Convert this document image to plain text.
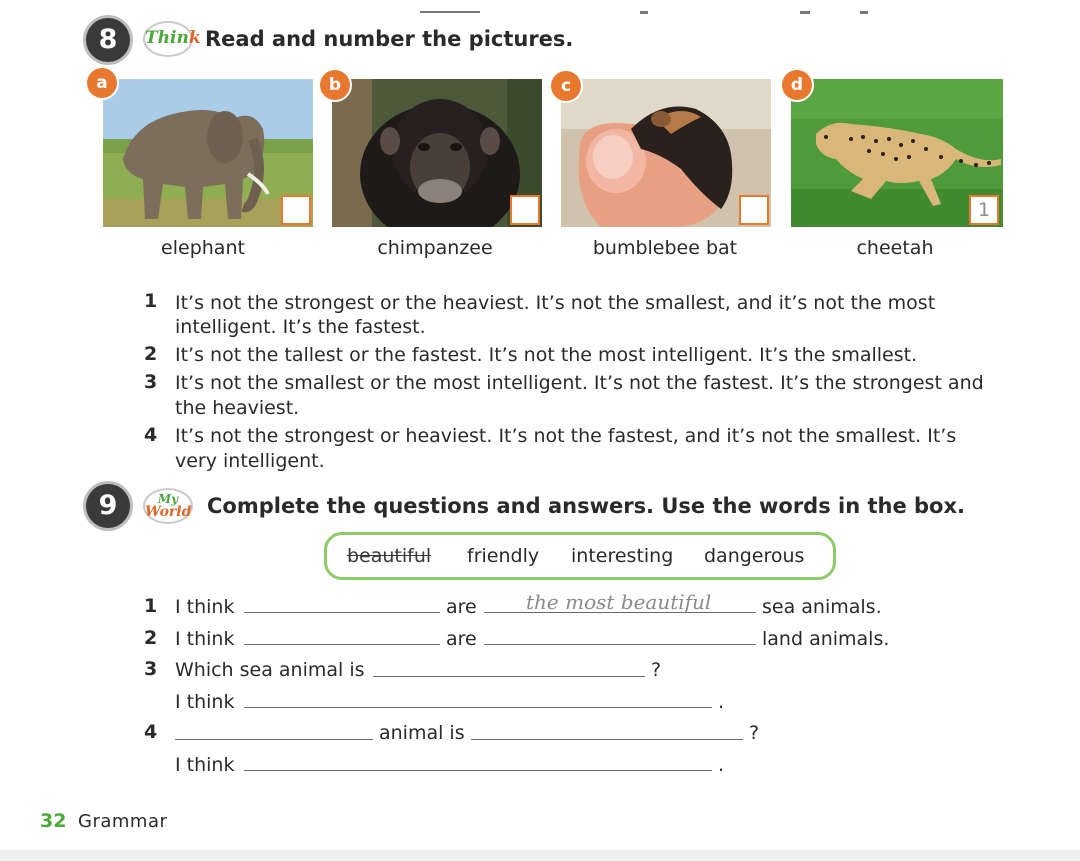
8	Think Read and number the pictures.
a
elephant
b
chimpanzee
c
bumblebee bat
d
1
cheetah
1 It’s not the strongest or the heaviest. It’s not the smallest, and it’s not the most
intelligent. It’s the fastest.
2 It’s not the tallest or the fastest. It’s not the most intelligent. It’s the smallest.
3 It’s not the smallest or the most intelligent. It’s not the fastest. It’s the strongest and
the heaviest.
4 It’s not the strongest or heaviest. It’s not the fastest, and it’s not the smallest. It’s
very intelligent.
9	My
World Complete the questions and answers. Use the words in the box.
beautiful friendly interesting dangerous
1 I think	are the most beautiful	sea animals.
2 I think	are	land animals.
3 Which sea animal is	?
I think	.
4	animal is	?
I think	.
32 Grammar
